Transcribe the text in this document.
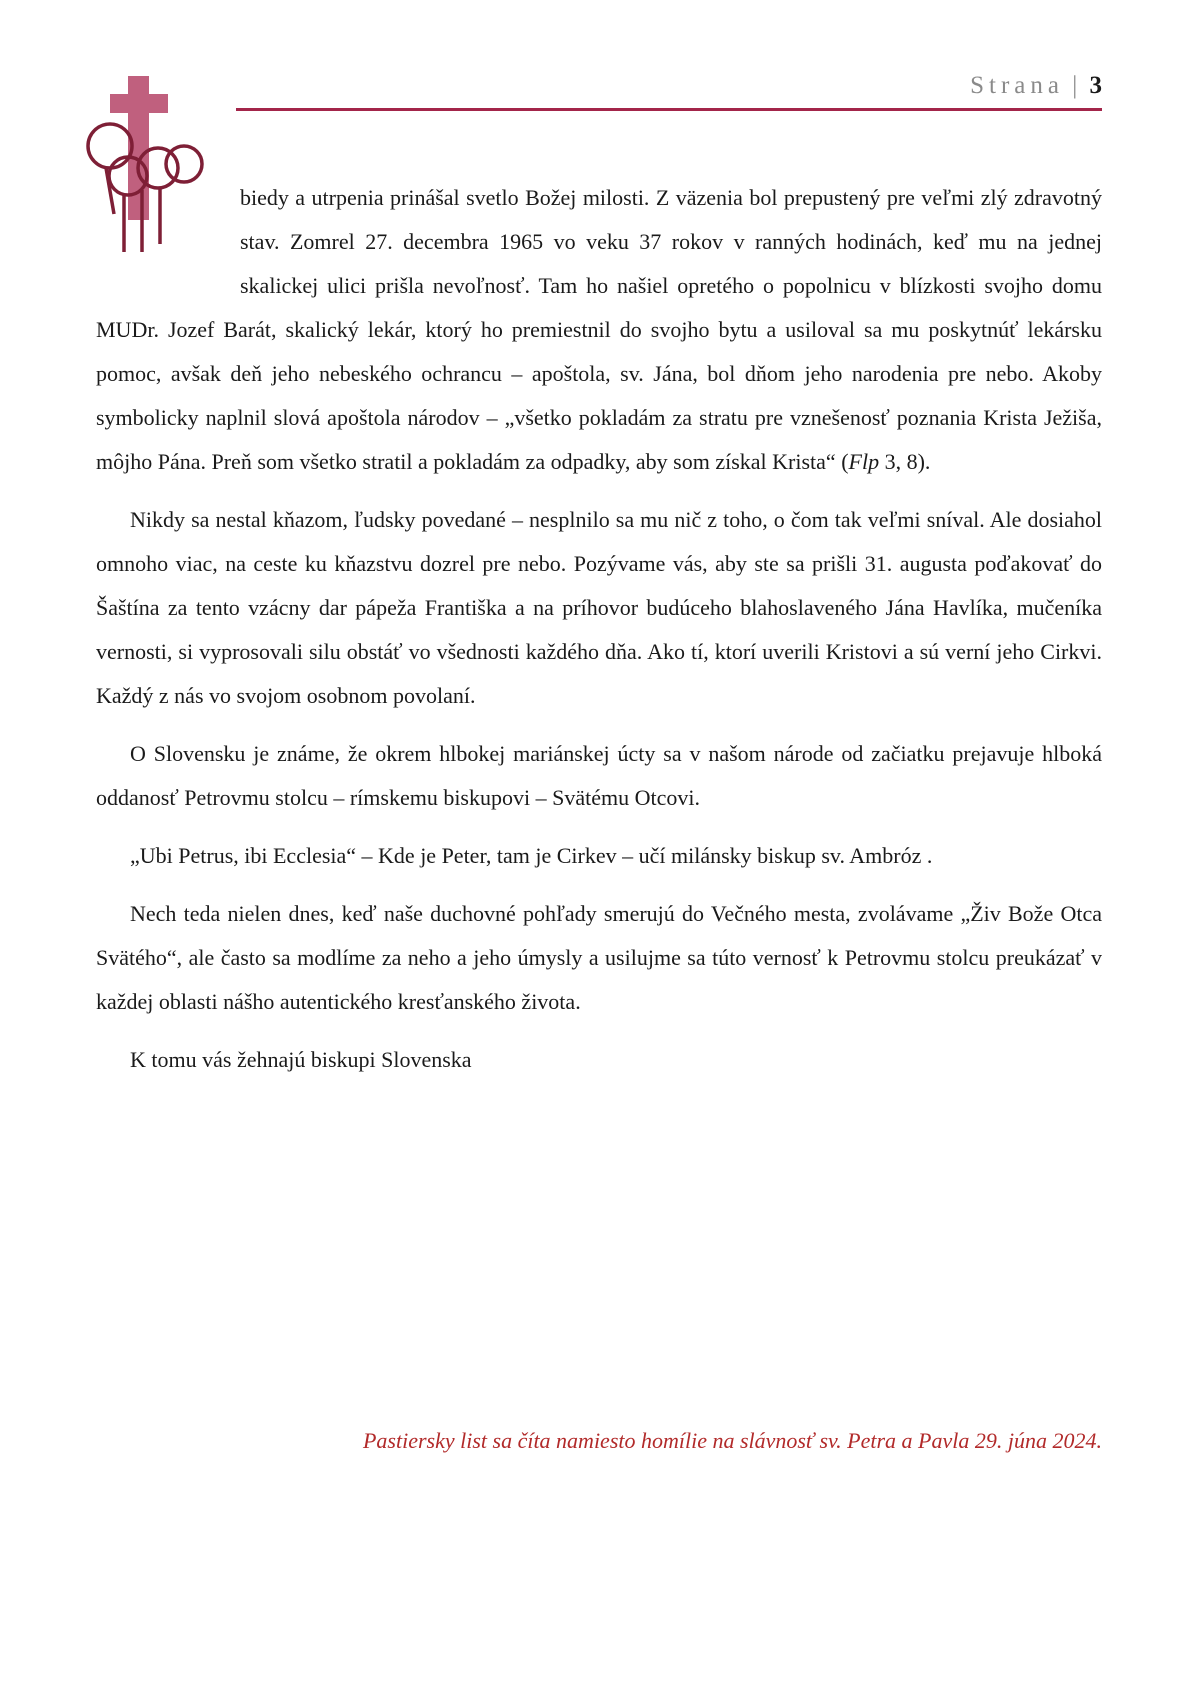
Strana | 3

biedy a utrpenia prinášal svetlo Božej milosti. Z väzenia bol prepustený pre veľmi zlý zdravotný stav. Zomrel 27. decembra 1965 vo veku 37 rokov v ranných hodinách, keď mu na jednej skalickej ulici prišla nevoľnosť. Tam ho našiel opretého o popolnicu v blízkosti svojho domu MUDr. Jozef Barát, skalický lekár, ktorý ho premiestnil do svojho bytu a usiloval sa mu poskytnúť lekársku pomoc, avšak deň jeho nebeského ochrancu – apoštola, sv. Jána, bol dňom jeho narodenia pre nebo. Akoby symbolicky naplnil slová apoštola národov – „všetko pokladám za stratu pre vznešenosť poznania Krista Ježiša, môjho Pána. Preň som všetko stratil a pokladám za odpadky, aby som získal Krista“ (Flp 3, 8).

Nikdy sa nestal kňazom, ľudsky povedané – nesplnilo sa mu nič z toho, o čom tak veľmi sníval. Ale dosiahol omnoho viac, na ceste ku kňazstvu dozrel pre nebo. Pozývame vás, aby ste sa prišli 31. augusta poďakovať do Šaštína za tento vzácny dar pápeža Františka a na príhovor budúceho blahoslaveného Jána Havlíka, mučeníka vernosti, si vyprosovali silu obstáť vo všednosti každého dňa. Ako tí, ktorí uverili Kristovi a sú verní jeho Cirkvi. Každý z nás vo svojom osobnom povolaní.

O Slovensku je známe, že okrem hlbokej mariánskej úcty sa v našom národe od začiatku prejavuje hlboká oddanosť Petrovmu stolcu – rímskemu biskupovi – Svätému Otcovi.

„Ubi Petrus, ibi Ecclesia“ – Kde je Peter, tam je Cirkev – učí milánsky biskup sv. Ambróz .

Nech teda nielen dnes, keď naše duchovné pohľady smerujú do Večného mesta, zvolávame „Živ Bože Otca Svätého“, ale často sa modlíme za neho a jeho úmysly a usilujme sa túto vernosť k Petrovmu stolcu preukázať v každej oblasti nášho autentického kresťanského života.

K tomu vás žehnajú biskupi Slovenska

Pastiersky list sa číta namiesto homílie na slávnosť sv. Petra a Pavla 29. júna 2024.
